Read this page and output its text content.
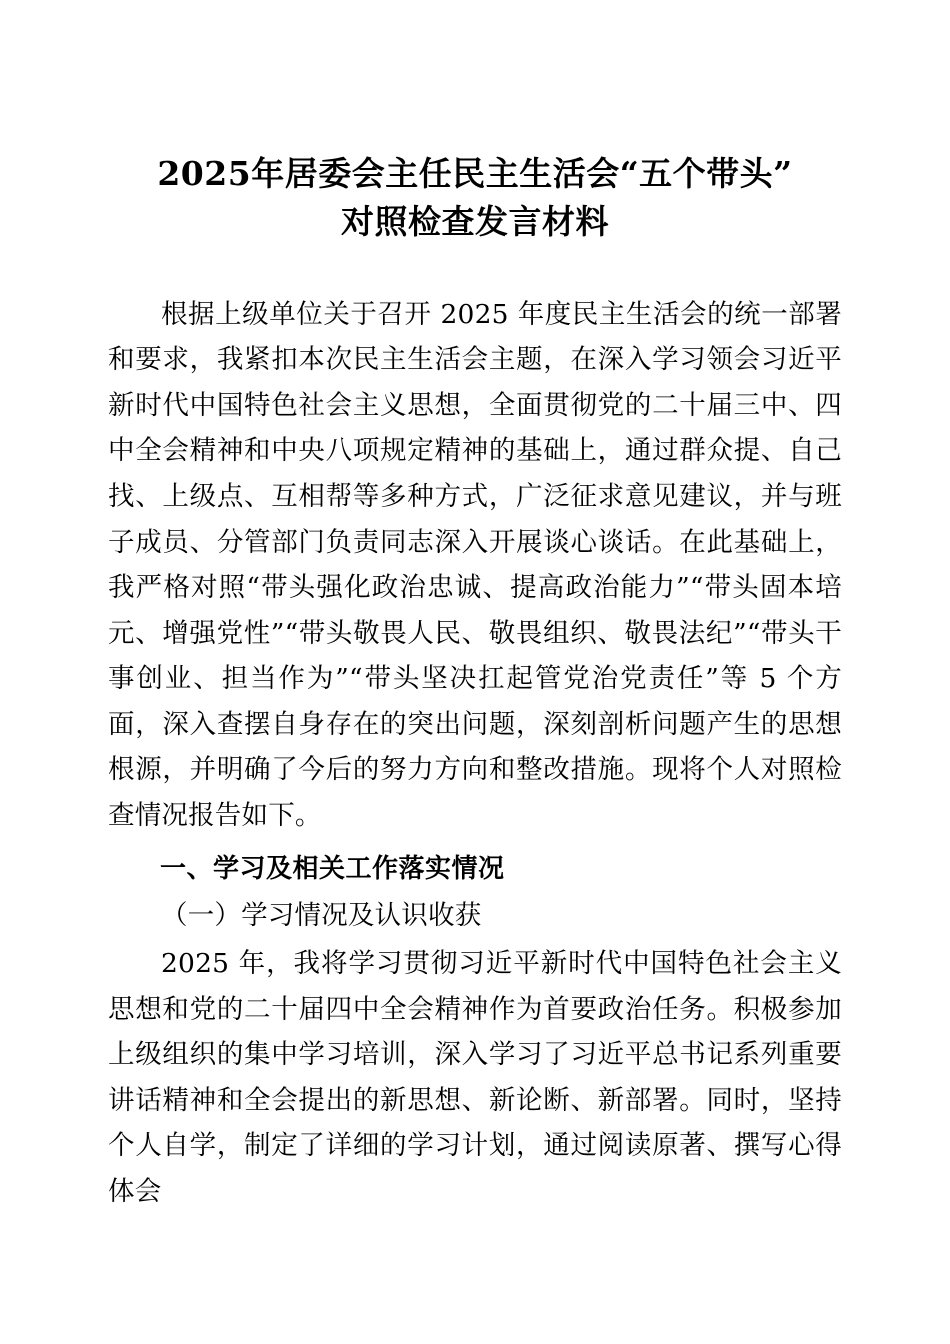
2025年居委会主任民主生活会“五个带头”
对照检查发言材料

根据上级单位关于召开 2025 年度民主生活会的统一部署和要求，我紧扣本次民主生活会主题，在深入学习领会习近平新时代中国特色社会主义思想，全面贯彻党的二十届三中、四中全会精神和中央八项规定精神的基础上，通过群众提、自己找、上级点、互相帮等多种方式，广泛征求意见建议，并与班子成员、分管部门负责同志深入开展谈心谈话。在此基础上，我严格对照“带头强化政治忠诚、提高政治能力”“带头固本培元、增强党性”“带头敬畏人民、敬畏组织、敬畏法纪”“带头干事创业、担当作为”“带头坚决扛起管党治党责任”等 5 个方面，深入查摆自身存在的突出问题，深刻剖析问题产生的思想根源，并明确了今后的努力方向和整改措施。现将个人对照检查情况报告如下。

一、学习及相关工作落实情况

（一）学习情况及认识收获

2025 年，我将学习贯彻习近平新时代中国特色社会主义思想和党的二十届四中全会精神作为首要政治任务。积极参加上级组织的集中学习培训，深入学习了习近平总书记系列重要讲话精神和全会提出的新思想、新论断、新部署。同时，坚持个人自学，制定了详细的学习计划，通过阅读原著、撰写心得体会
